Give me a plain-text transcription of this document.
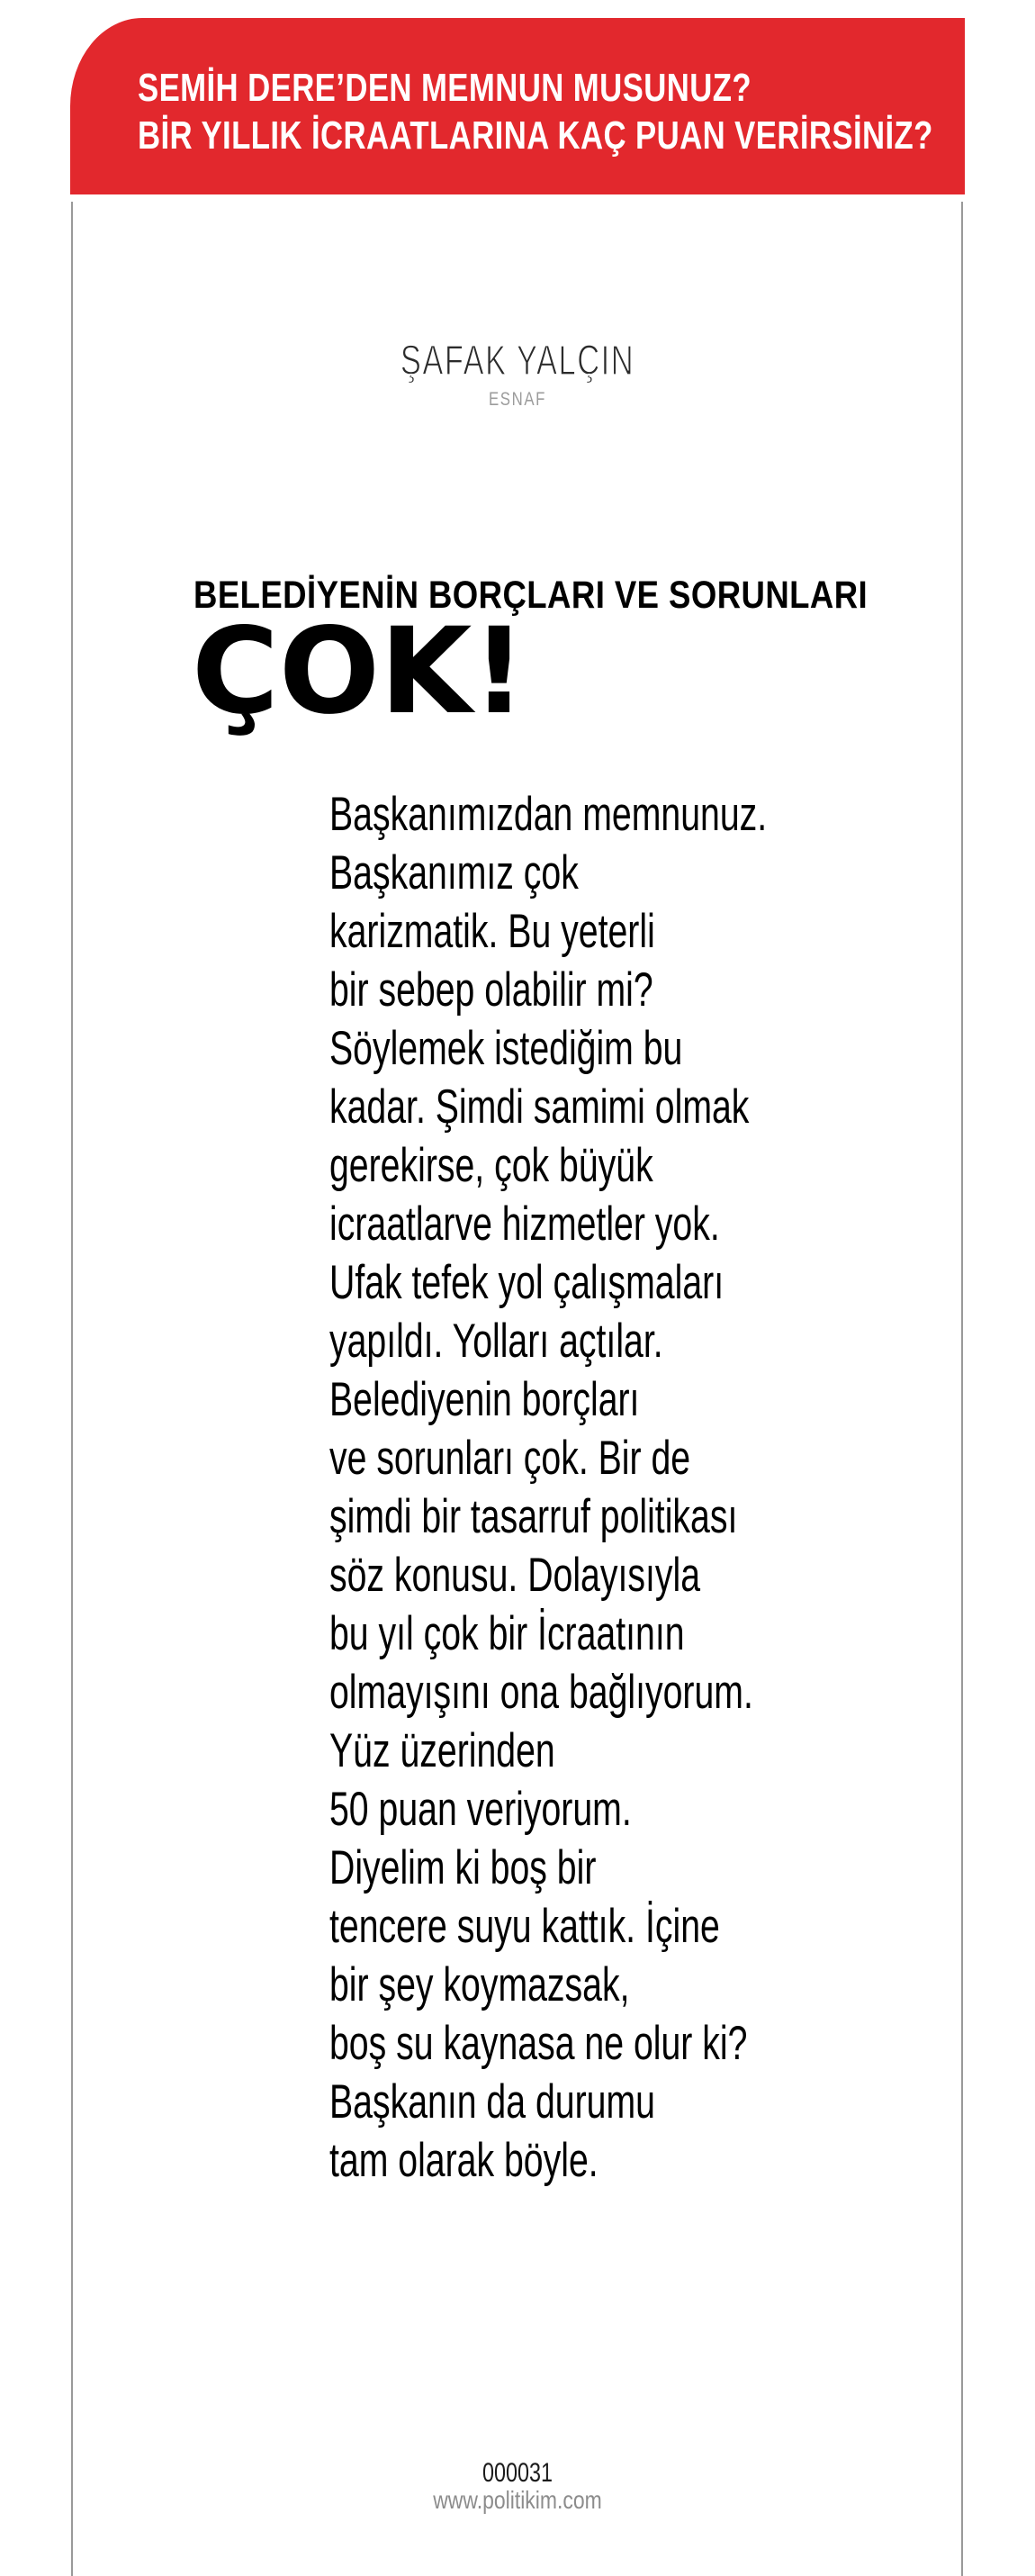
SEMİH DERE’DEN MEMNUN MUSUNUZ?
BİR YILLIK İCRAATLARINA KAÇ PUAN VERİRSİNİZ?
ŞAFAK YALÇIN
ESNAF
BELEDİYENİN BORÇLARI VE SORUNLARI
ÇOK!
Başkanımızdan memnunuz.
Başkanımız çok
karizmatik. Bu yeterli
bir sebep olabilir mi?
Söylemek istediğim bu
kadar. Şimdi samimi olmak
gerekirse, çok büyük
icraatlarve hizmetler yok.
Ufak tefek yol çalışmaları
yapıldı. Yolları açtılar.
Belediyenin borçları
ve sorunları çok. Bir de
şimdi bir tasarruf politikası
söz konusu. Dolayısıyla
bu yıl çok bir İcraatının
olmayışını ona bağlıyorum.
Yüz üzerinden
50 puan veriyorum.
Diyelim ki boş bir
tencere suyu kattık. İçine
bir şey koymazsak,
boş su kaynasa ne olur ki?
Başkanın da durumu
tam olarak böyle.
000031
www.politikim.com
